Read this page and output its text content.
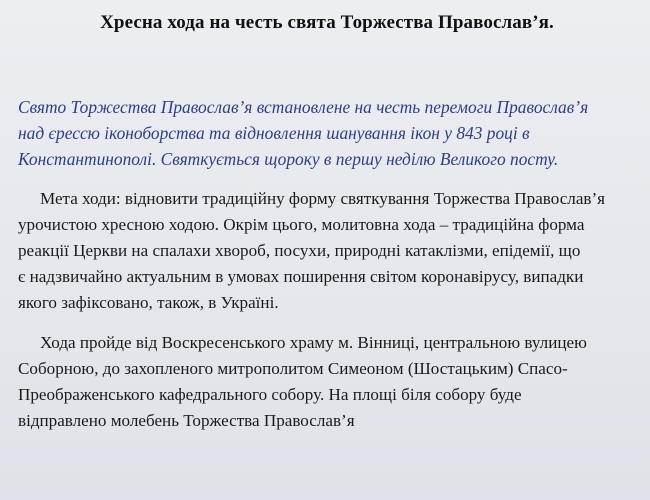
Хресна хода на честь свята Торжества Православ’я.
Свято Торжества Православ’я встановлене на честь перемоги Православ’я
над єрессю іконоборства та відновлення шанування ікон у 843 році в
Константинополі. Святкується щороку в першу неділю Великого посту.
Мета ходи: відновити традиційну форму святкування Торжества Православ’я
урочистою хресною ходою. Окрім цього, молитовна хода – традиційна форма
реакції Церкви на спалахи хвороб, посухи, природні катаклізми, епідемії, що
є надзвичайно актуальним в умовах поширення світом коронавірусу, випадки
якого зафіксовано, також, в Україні.
Хода пройде від Воскресенського храму м. Вінниці, центральною вулицею
Соборною, до захопленого митрополитом Симеоном (Шостацьким) Спасо-
Преображенського кафедрального собору. На площі біля собору буде
відправлено молебень Торжества Православ’я
